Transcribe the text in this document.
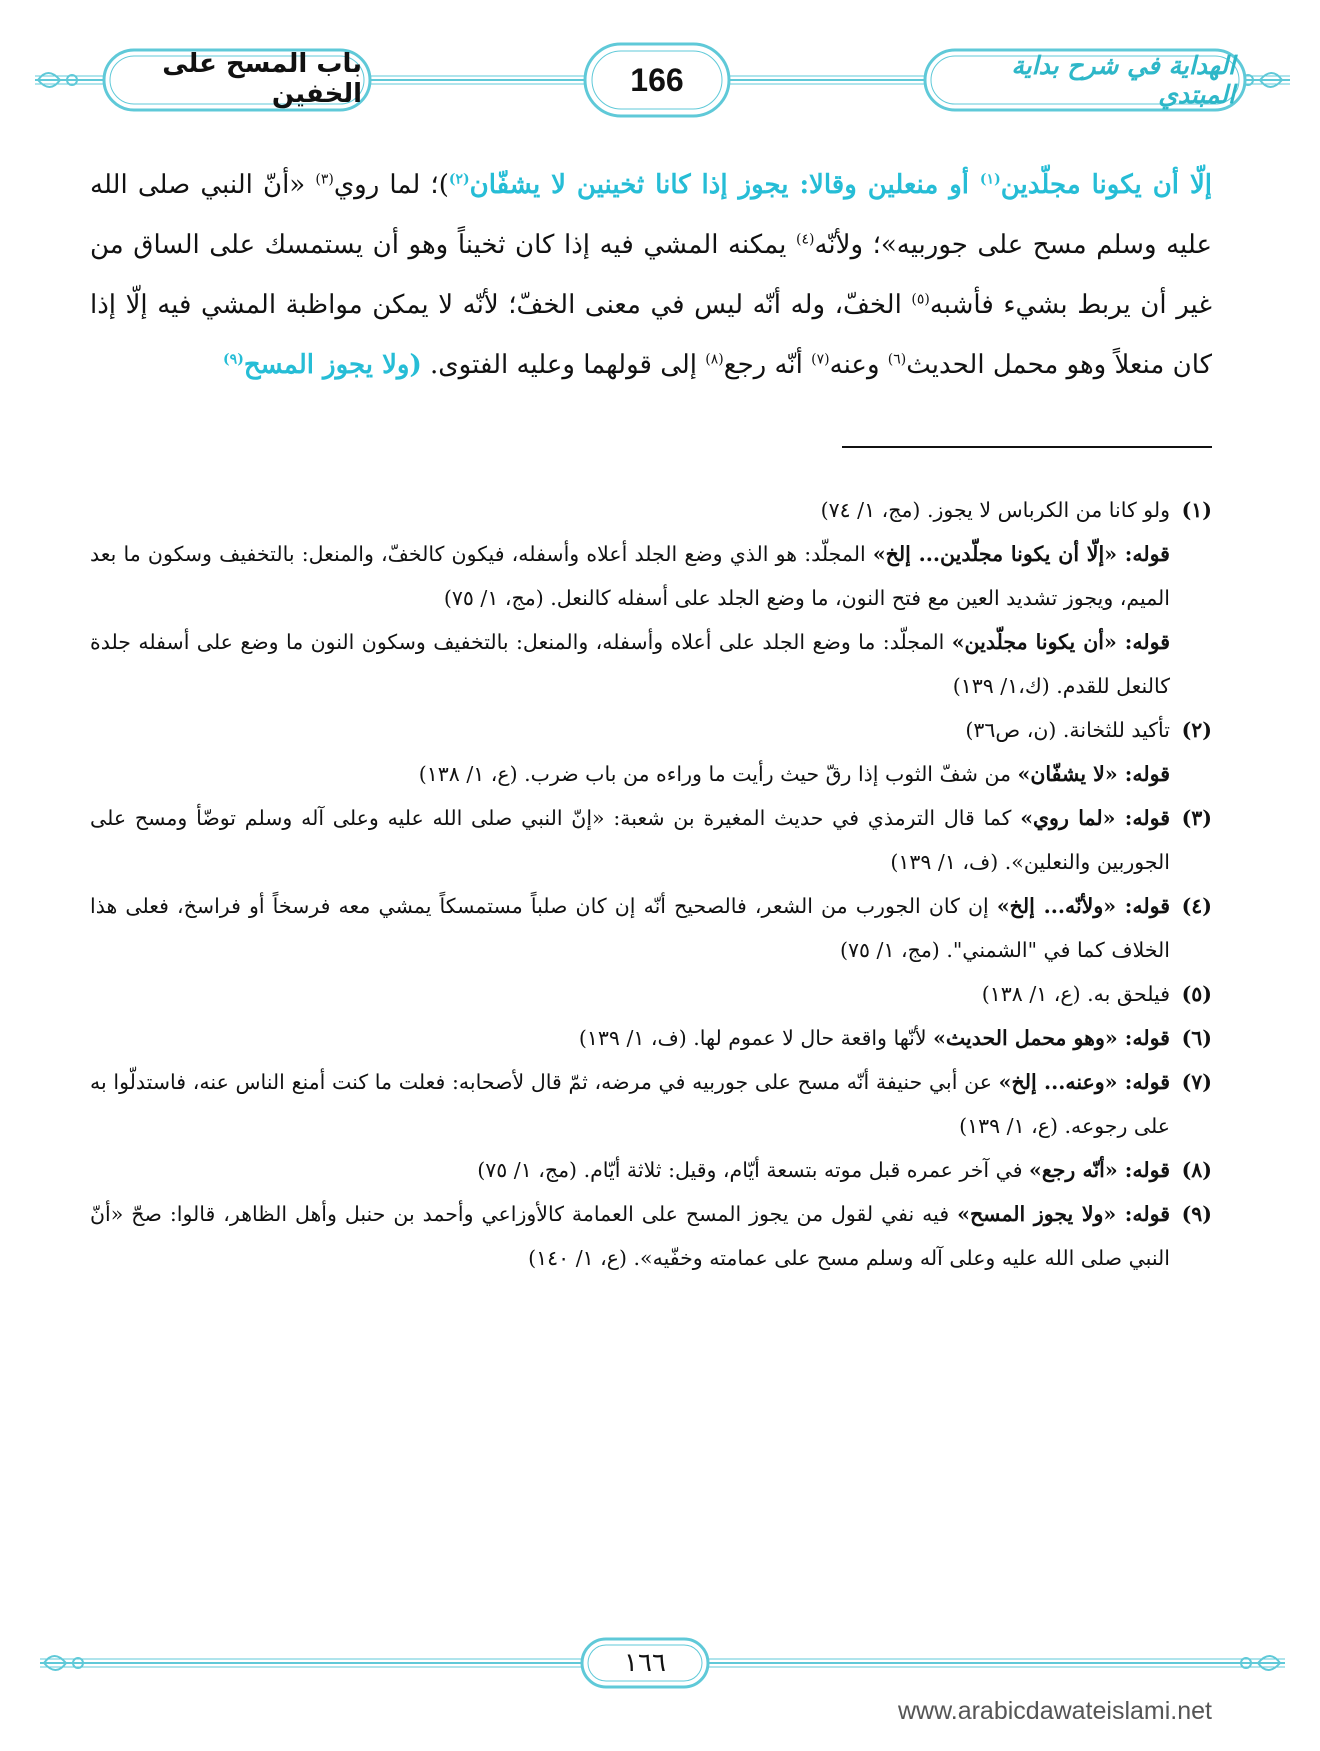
باب المسح على الخفين	166	الهداية في شرح بداية المبتدي
إلّا أن يكونا مجلّدين$^{(١)}$ أو منعلين وقالا: يجوز إذا كانا ثخينين لا يشفّان$^{(٢)}$)؛ لما روي$^{(٣)}$ «أنّ النبي صلى الله عليه وسلم مسح على جوربيه»؛ ولأنّه$^{(٤)}$ يمكنه المشي فيه إذا كان ثخيناً وهو أن يستمسك على الساق من غير أن يربط بشيء فأشبه$^{(٥)}$ الخفّ، وله أنّه ليس في معنى الخفّ؛ لأنّه لا يمكن مواظبة المشي فيه إلّا إذا كان منعلاً وهو محمل الحديث$^{(٦)}$ وعنه$^{(٧)}$ أنّه رجع$^{(٨)}$ إلى قولهما وعليه الفتوى. (ولا يجوز المسح$^{(٩)}$

(١)
ولو كانا من الكرباس لا يجوز. (مج، ١/ ٧٤)

قوله: «إلّا أن يكونا مجلّدين... إلخ» المجلّد: هو الذي وضع الجلد أعلاه وأسفله، فيكون كالخفّ، والمنعل: بالتخفيف وسكون ما بعد الميم، ويجوز تشديد العين مع فتح النون، ما وضع الجلد على أسفله كالنعل. (مج، ١/ ٧٥)

قوله: «أن يكونا مجلّدين» المجلّد: ما وضع الجلد على أعلاه وأسفله، والمنعل: بالتخفيف وسكون النون ما وضع على أسفله جلدة كالنعل للقدم. (ك،١/ ١٣٩)

(٢)
تأكيد للثخانة. (ن، ص٣٦)

قوله: «لا يشفّان» من شفّ الثوب إذا رقّ حيث رأيت ما وراءه من باب ضرب. (ع، ١/ ١٣٨)

(٣)
قوله: «لما روي» كما قال الترمذي في حديث المغيرة بن شعبة: «إنّ النبي صلى الله عليه وعلى آله وسلم توضّأ ومسح على الجوربين والنعلين». (ف، ١/ ١٣٩)

(٤)
قوله: «ولأنّه... إلخ» إن كان الجورب من الشعر، فالصحيح أنّه إن كان صلباً مستمسكاً يمشي معه فرسخاً أو فراسخ، فعلى هذا الخلاف كما في "الشمني". (مج، ١/ ٧٥)

(٥)
فيلحق به. (ع، ١/ ١٣٨)

(٦)
قوله: «وهو محمل الحديث» لأنّها واقعة حال لا عموم لها. (ف، ١/ ١٣٩)

(٧)
قوله: «وعنه... إلخ» عن أبي حنيفة أنّه مسح على جوربيه في مرضه، ثمّ قال لأصحابه: فعلت ما كنت أمنع الناس عنه، فاستدلّوا به على رجوعه. (ع، ١/ ١٣٩)

(٨)
قوله: «أنّه رجع» في آخر عمره قبل موته بتسعة أيّام، وقيل: ثلاثة أيّام. (مج، ١/ ٧٥)

(٩)
قوله: «ولا يجوز المسح» فيه نفي لقول من يجوز المسح على العمامة كالأوزاعي وأحمد بن حنبل وأهل الظاهر، قالوا: صحّ «أنّ النبي صلى الله عليه وعلى آله وسلم مسح على عمامته وخفّيه». (ع، ١/ ١٤٠)

١٦٦
www.arabicdawateislami.net
